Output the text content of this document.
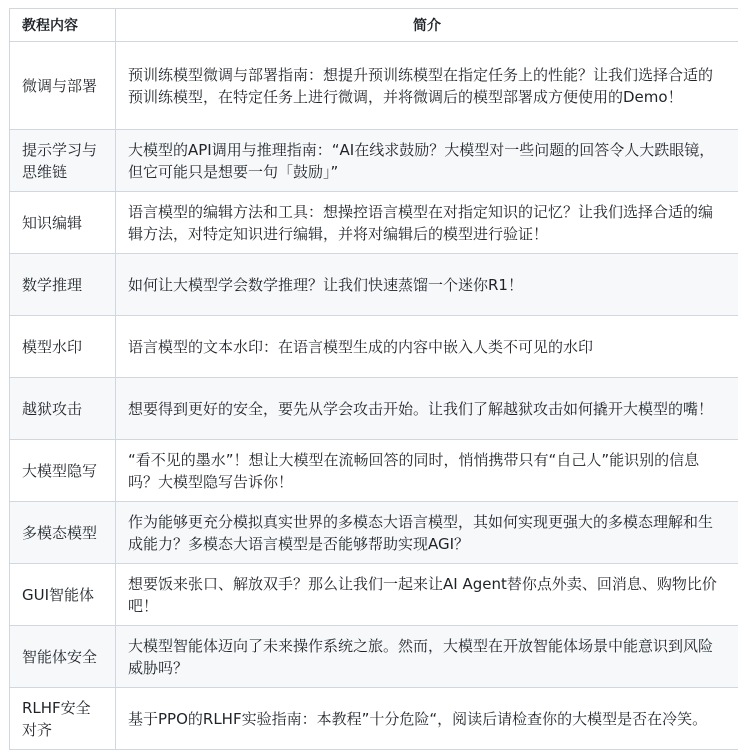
教程内容	简介
微调与部署	预训练模型微调与部署指南：想提升预训练模型在指定任务上的性能？让我们选择合适的预训练模型，在特定任务上进行微调，并将微调后的模型部署成方便使用的Demo！
提示学习与思维链	大模型的API调用与推理指南：“AI在线求鼓励？大模型对一些问题的回答令人大跌眼镜，但它可能只是想要一句「鼓励」”
知识编辑	语言模型的编辑方法和工具：想操控语言模型在对指定知识的记忆？让我们选择合适的编辑方法，对特定知识进行编辑，并将对编辑后的模型进行验证！
数学推理	如何让大模型学会数学推理？让我们快速蒸馏一个迷你R1！
模型水印	语言模型的文本水印：在语言模型生成的内容中嵌入人类不可见的水印
越狱攻击	想要得到更好的安全，要先从学会攻击开始。让我们了解越狱攻击如何撬开大模型的嘴！
大模型隐写	“看不见的墨水”！想让大模型在流畅回答的同时，悄悄携带只有“自己人”能识别的信息吗？大模型隐写告诉你！
多模态模型	作为能够更充分模拟真实世界的多模态大语言模型，其如何实现更强大的多模态理解和生成能力？多模态大语言模型是否能够帮助实现AGI？
GUI智能体	想要饭来张口、解放双手？那么让我们一起来让AI Agent替你点外卖、回消息、购物比价吧！
智能体安全	大模型智能体迈向了未来操作系统之旅。然而，大模型在开放智能体场景中能意识到风险威胁吗？
RLHF安全对齐	基于PPO的RLHF实验指南：本教程”十分危险“，阅读后请检查你的大模型是否在冷笑。
